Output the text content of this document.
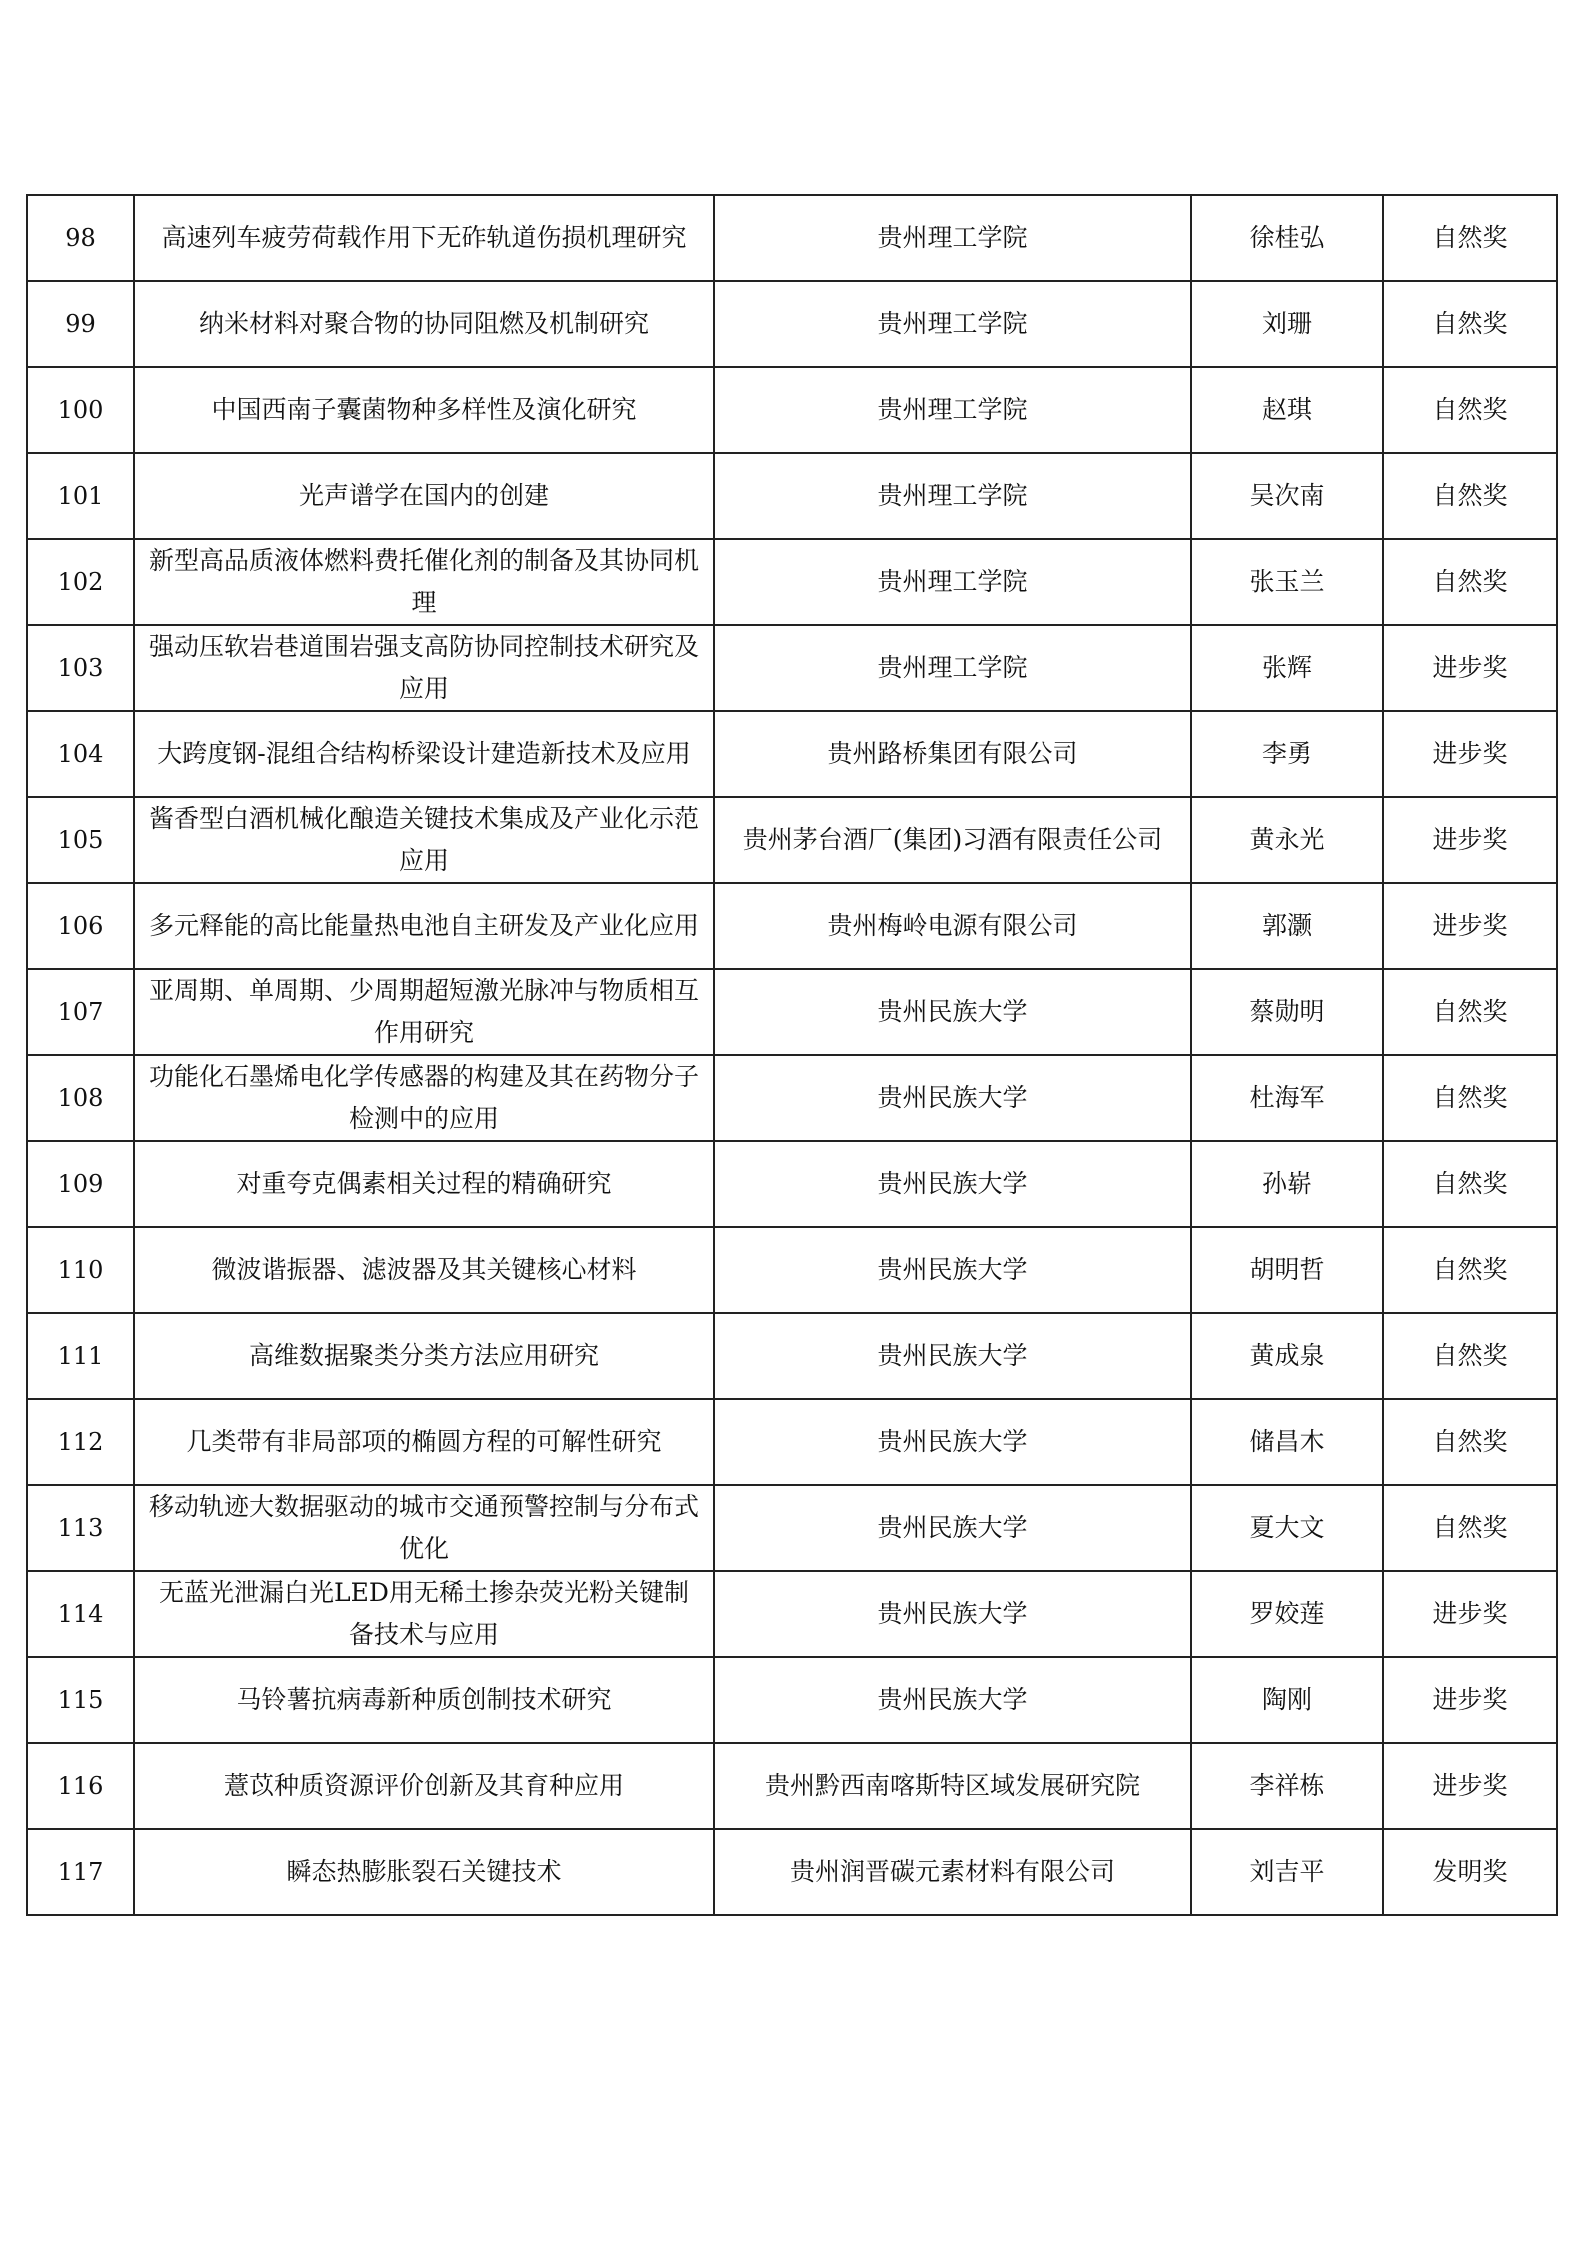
98	高速列车疲劳荷载作用下无砟轨道伤损机理研究	贵州理工学院	徐桂弘	自然奖
99	纳米材料对聚合物的协同阻燃及机制研究	贵州理工学院	刘珊	自然奖
100	中国西南子囊菌物种多样性及演化研究	贵州理工学院	赵琪	自然奖
101	光声谱学在国内的创建	贵州理工学院	吴次南	自然奖
102	新型高品质液体燃料费托催化剂的制备及其协同机理	贵州理工学院	张玉兰	自然奖
103	强动压软岩巷道围岩强支高防协同控制技术研究及应用	贵州理工学院	张辉	进步奖
104	大跨度钢-混组合结构桥梁设计建造新技术及应用	贵州路桥集团有限公司	李勇	进步奖
105	酱香型白酒机械化酿造关键技术集成及产业化示范应用	贵州茅台酒厂(集团)习酒有限责任公司	黄永光	进步奖
106	多元释能的高比能量热电池自主研发及产业化应用	贵州梅岭电源有限公司	郭灏	进步奖
107	亚周期、单周期、少周期超短激光脉冲与物质相互作用研究	贵州民族大学	蔡勋明	自然奖
108	功能化石墨烯电化学传感器的构建及其在药物分子检测中的应用	贵州民族大学	杜海军	自然奖
109	对重夸克偶素相关过程的精确研究	贵州民族大学	孙崭	自然奖
110	微波谐振器、滤波器及其关键核心材料	贵州民族大学	胡明哲	自然奖
111	高维数据聚类分类方法应用研究	贵州民族大学	黄成泉	自然奖
112	几类带有非局部项的椭圆方程的可解性研究	贵州民族大学	储昌木	自然奖
113	移动轨迹大数据驱动的城市交通预警控制与分布式优化	贵州民族大学	夏大文	自然奖
114	无蓝光泄漏白光LED用无稀土掺杂荧光粉关键制备技术与应用	贵州民族大学	罗姣莲	进步奖
115	马铃薯抗病毒新种质创制技术研究	贵州民族大学	陶刚	进步奖
116	薏苡种质资源评价创新及其育种应用	贵州黔西南喀斯特区域发展研究院	李祥栋	进步奖
117	瞬态热膨胀裂石关键技术	贵州润晋碳元素材料有限公司	刘吉平	发明奖
